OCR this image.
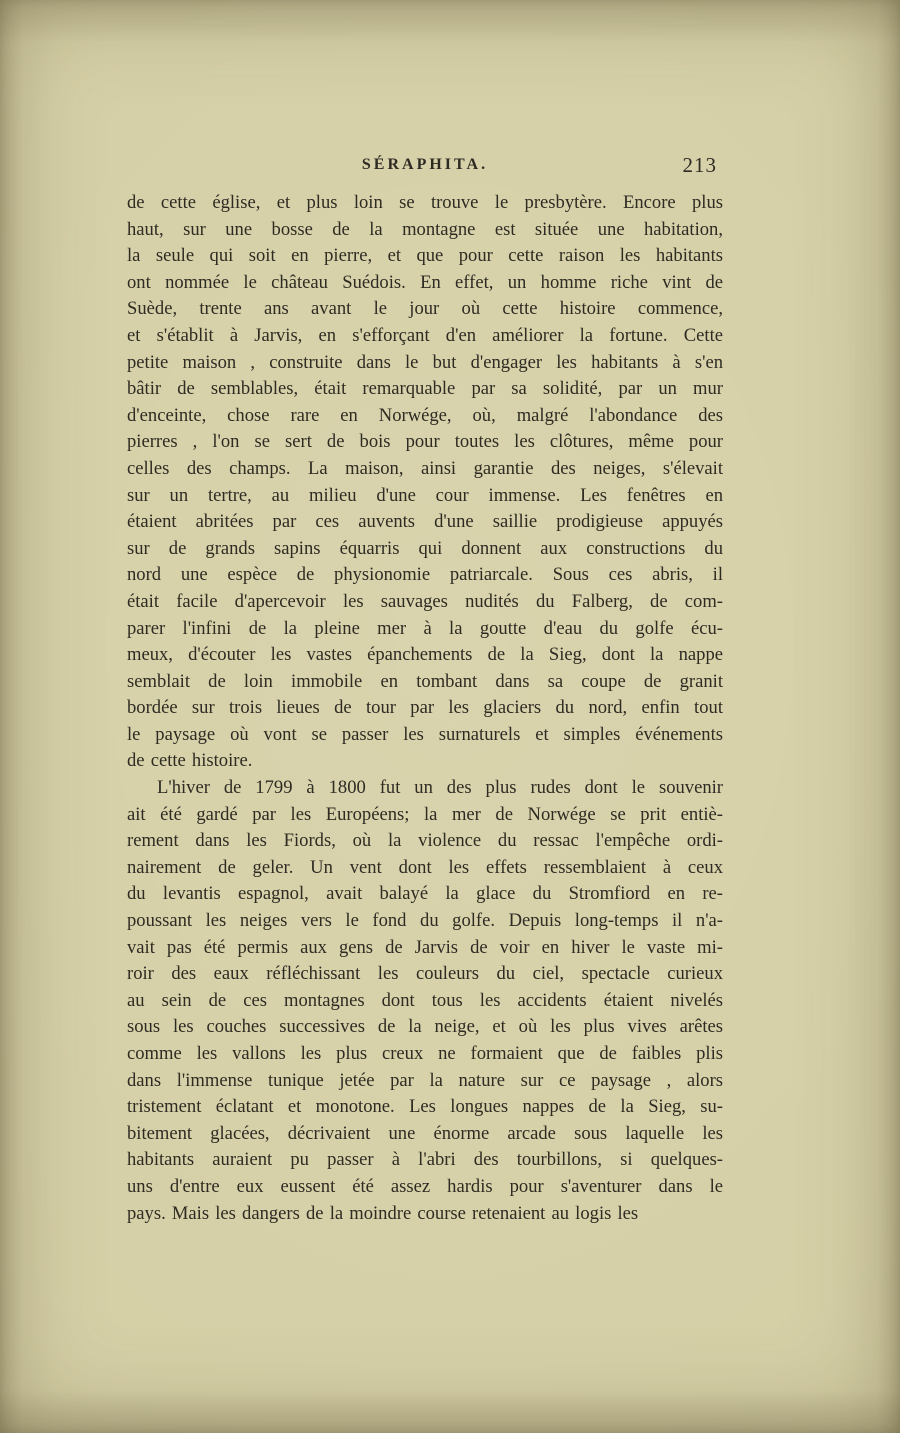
SÉRAPHITA.	213
de cette église, et plus loin se trouve le presbytère. Encore plus
haut, sur une bosse de la montagne est située une habitation,
la seule qui soit en pierre, et que pour cette raison les habitants
ont nommée le château Suédois. En effet, un homme riche vint de
Suède, trente ans avant le jour où cette histoire commence,
et s'établit à Jarvis, en s'efforçant d'en améliorer la fortune. Cette
petite maison , construite dans le but d'engager les habitants à s'en
bâtir de semblables, était remarquable par sa solidité, par un mur
d'enceinte, chose rare en Norwége, où, malgré l'abondance des
pierres , l'on se sert de bois pour toutes les clôtures, même pour
celles des champs. La maison, ainsi garantie des neiges, s'élevait
sur un tertre, au milieu d'une cour immense. Les fenêtres en
étaient abritées par ces auvents d'une saillie prodigieuse appuyés
sur de grands sapins équarris qui donnent aux constructions du
nord une espèce de physionomie patriarcale. Sous ces abris, il
était facile d'apercevoir les sauvages nudités du Falberg, de com-
parer l'infini de la pleine mer à la goutte d'eau du golfe écu-
meux, d'écouter les vastes épanchements de la Sieg, dont la nappe
semblait de loin immobile en tombant dans sa coupe de granit
bordée sur trois lieues de tour par les glaciers du nord, enfin tout
le paysage où vont se passer les surnaturels et simples événements
de cette histoire.
L'hiver de 1799 à 1800 fut un des plus rudes dont le souvenir
ait été gardé par les Européens; la mer de Norwége se prit entiè-
rement dans les Fiords, où la violence du ressac l'empêche ordi-
nairement de geler. Un vent dont les effets ressemblaient à ceux
du levantis espagnol, avait balayé la glace du Stromfiord en re-
poussant les neiges vers le fond du golfe. Depuis long-temps il n'a-
vait pas été permis aux gens de Jarvis de voir en hiver le vaste mi-
roir des eaux réfléchissant les couleurs du ciel, spectacle curieux
au sein de ces montagnes dont tous les accidents étaient nivelés
sous les couches successives de la neige, et où les plus vives arêtes
comme les vallons les plus creux ne formaient que de faibles plis
dans l'immense tunique jetée par la nature sur ce paysage , alors
tristement éclatant et monotone. Les longues nappes de la Sieg, su-
bitement glacées, décrivaient une énorme arcade sous laquelle les
habitants auraient pu passer à l'abri des tourbillons, si quelques-
uns d'entre eux eussent été assez hardis pour s'aventurer dans le
pays. Mais les dangers de la moindre course retenaient au logis les
